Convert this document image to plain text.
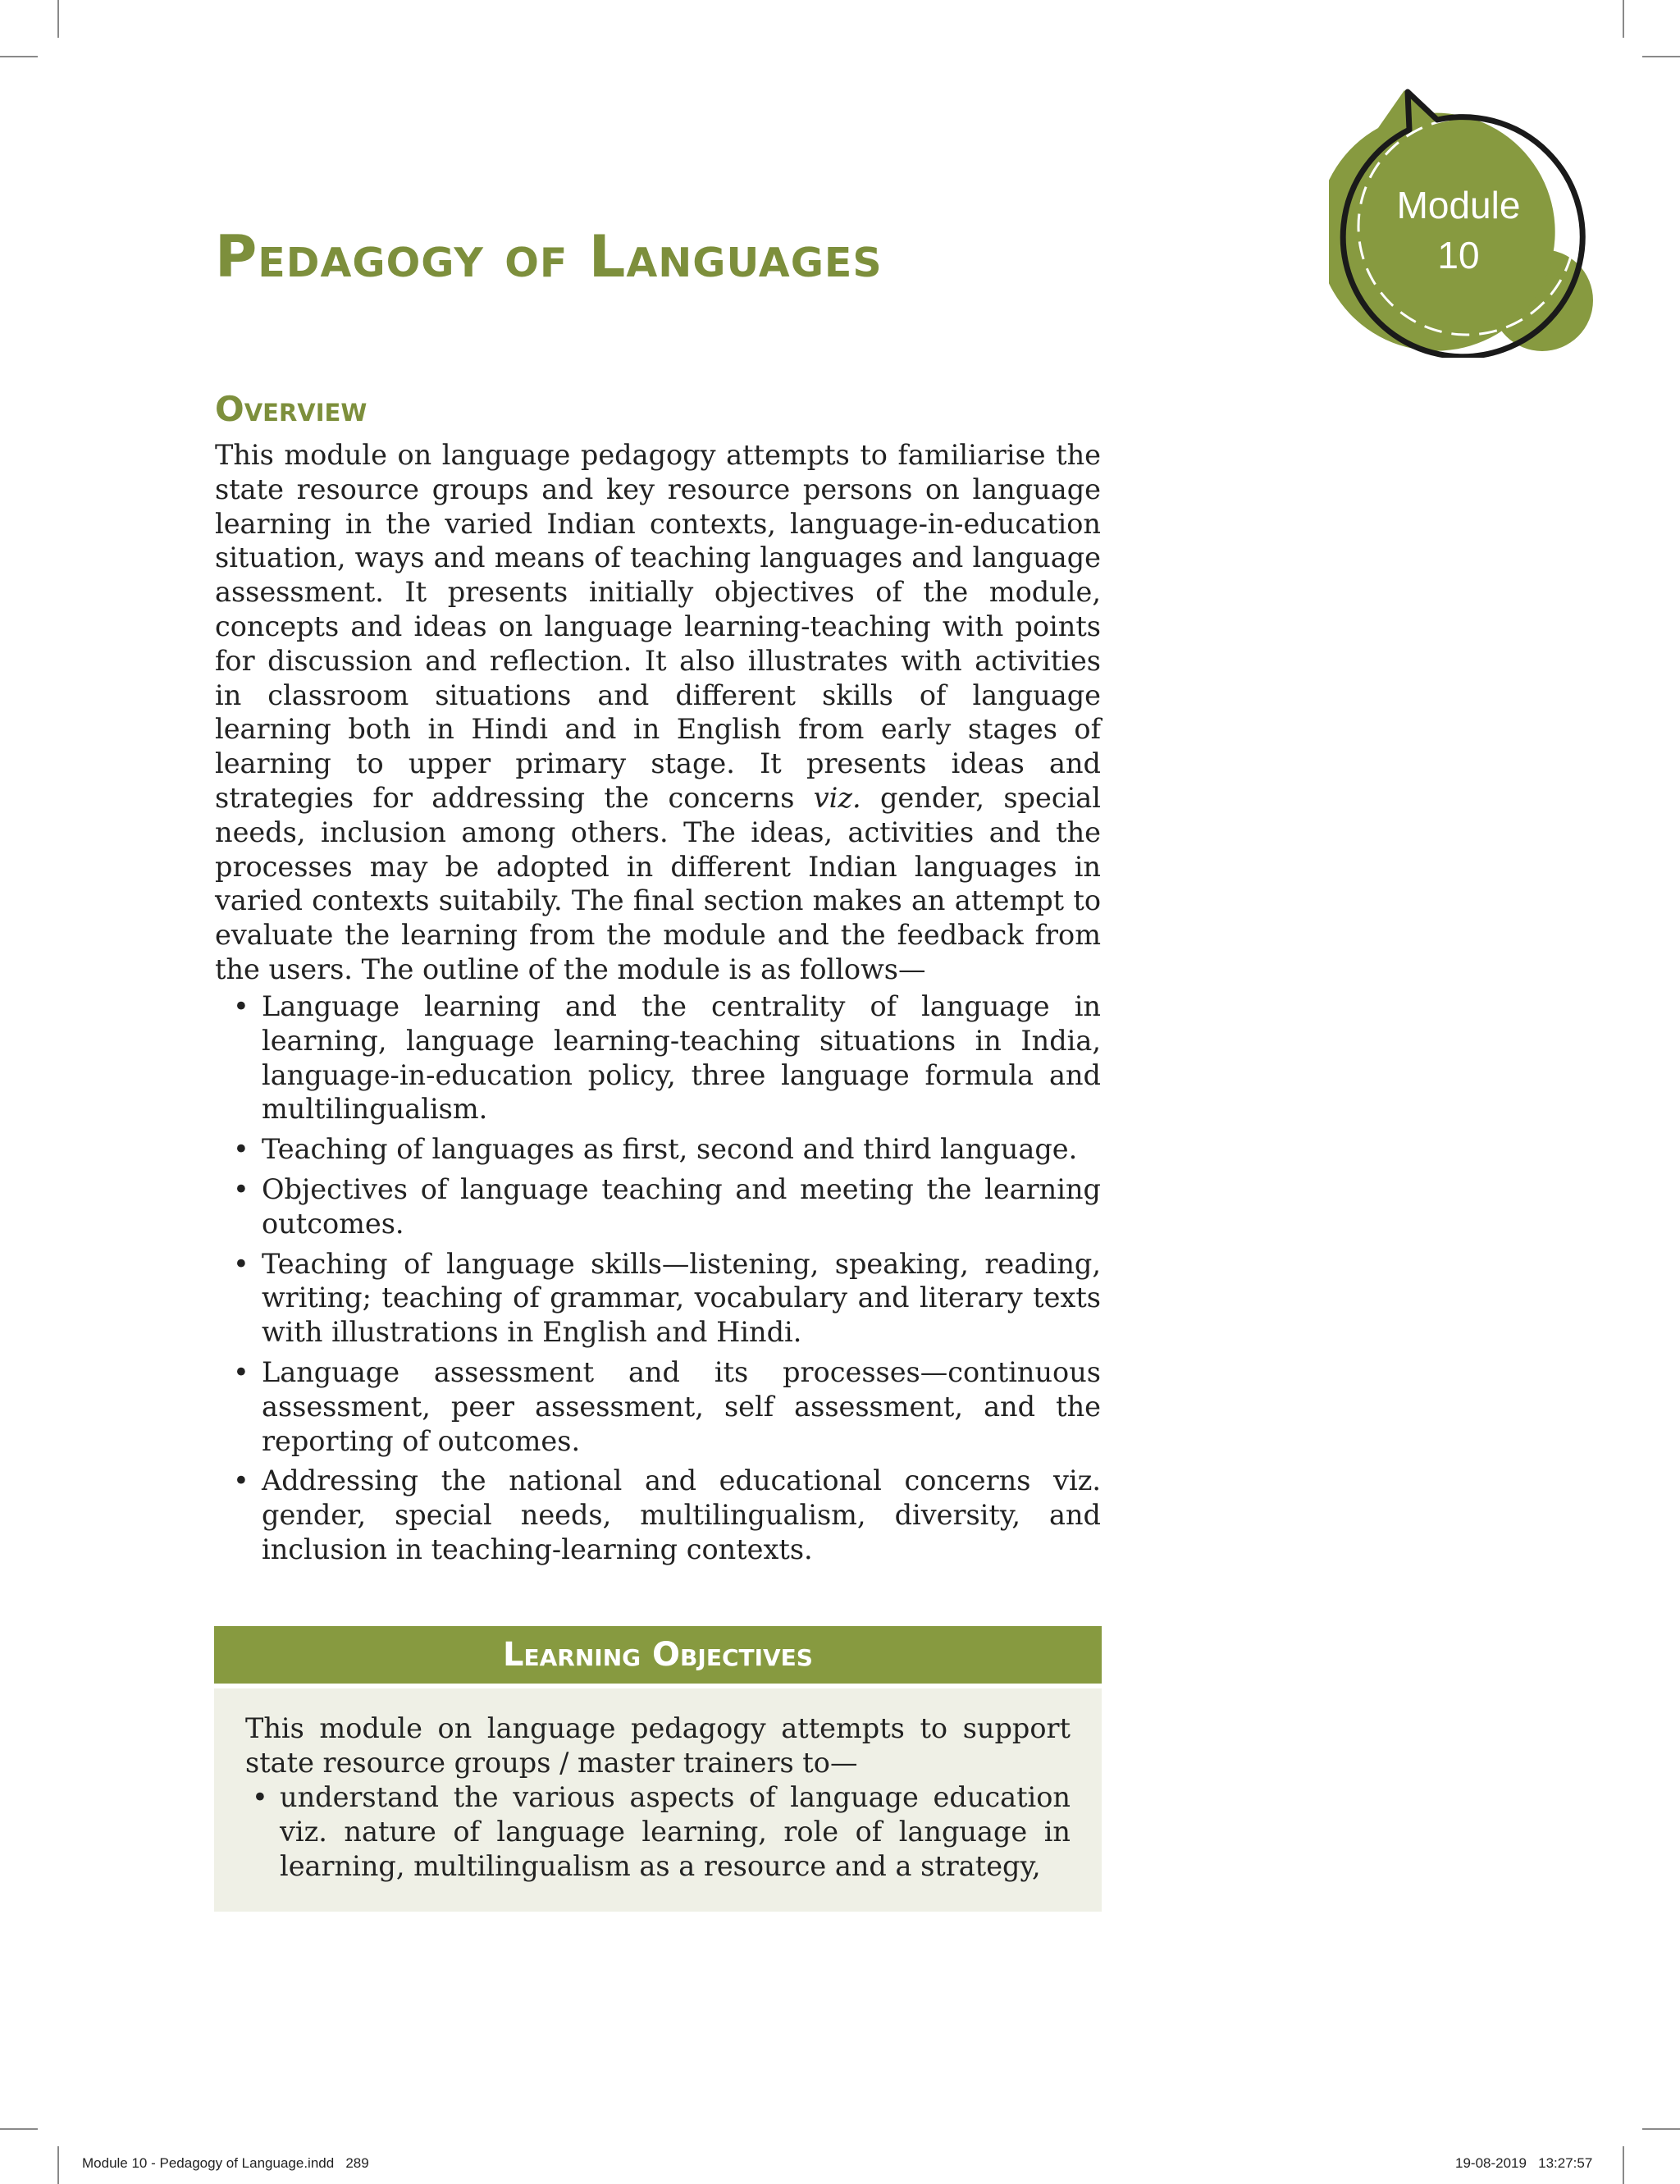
Pedagogy of Languages
Module
10
Overview

This module on language pedagogy attempts to familiarise the state resource groups and key resource persons on language learning in the varied Indian contexts, language-in-education situation, ways and means of teaching languages and language assessment. It presents initially objectives of the module, concepts and ideas on language learning-teaching with points for discussion and reflection. It also illustrates with activities in classroom situations and different skills of language learning both in Hindi and in English from early stages of learning to upper primary stage. It presents ideas and strategies for addressing the concerns viz. gender, special needs, inclusion among others. The ideas, activities and the processes may be adopted in different Indian languages in varied contexts suitabily. The final section makes an attempt to evaluate the learning from the module and the feedback from the users. The outline of the module is as follows—

• Language learning and the centrality of language in learning, language learning-teaching situations in India, language-in-education policy, three language formula and multilingualism.
• Teaching of languages as first, second and third language.
• Objectives of language teaching and meeting the learning outcomes.
• Teaching of language skills—listening, speaking, reading, writing; teaching of grammar, vocabulary and literary texts with illustrations in English and Hindi.
• Language assessment and its processes—continuous assessment, peer assessment, self assessment, and the reporting of outcomes.
• Addressing the national and educational concerns viz. gender, special needs, multilingualism, diversity, and inclusion in teaching-learning contexts.
Learning Objectives

This module on language pedagogy attempts to support state resource groups / master trainers to—

• understand the various aspects of language education viz. nature of language learning, role of language in learning, multilingualism as a resource and a strategy,
Module 10 - Pedagogy of Language.indd   289	19-08-2019   13:27:57
